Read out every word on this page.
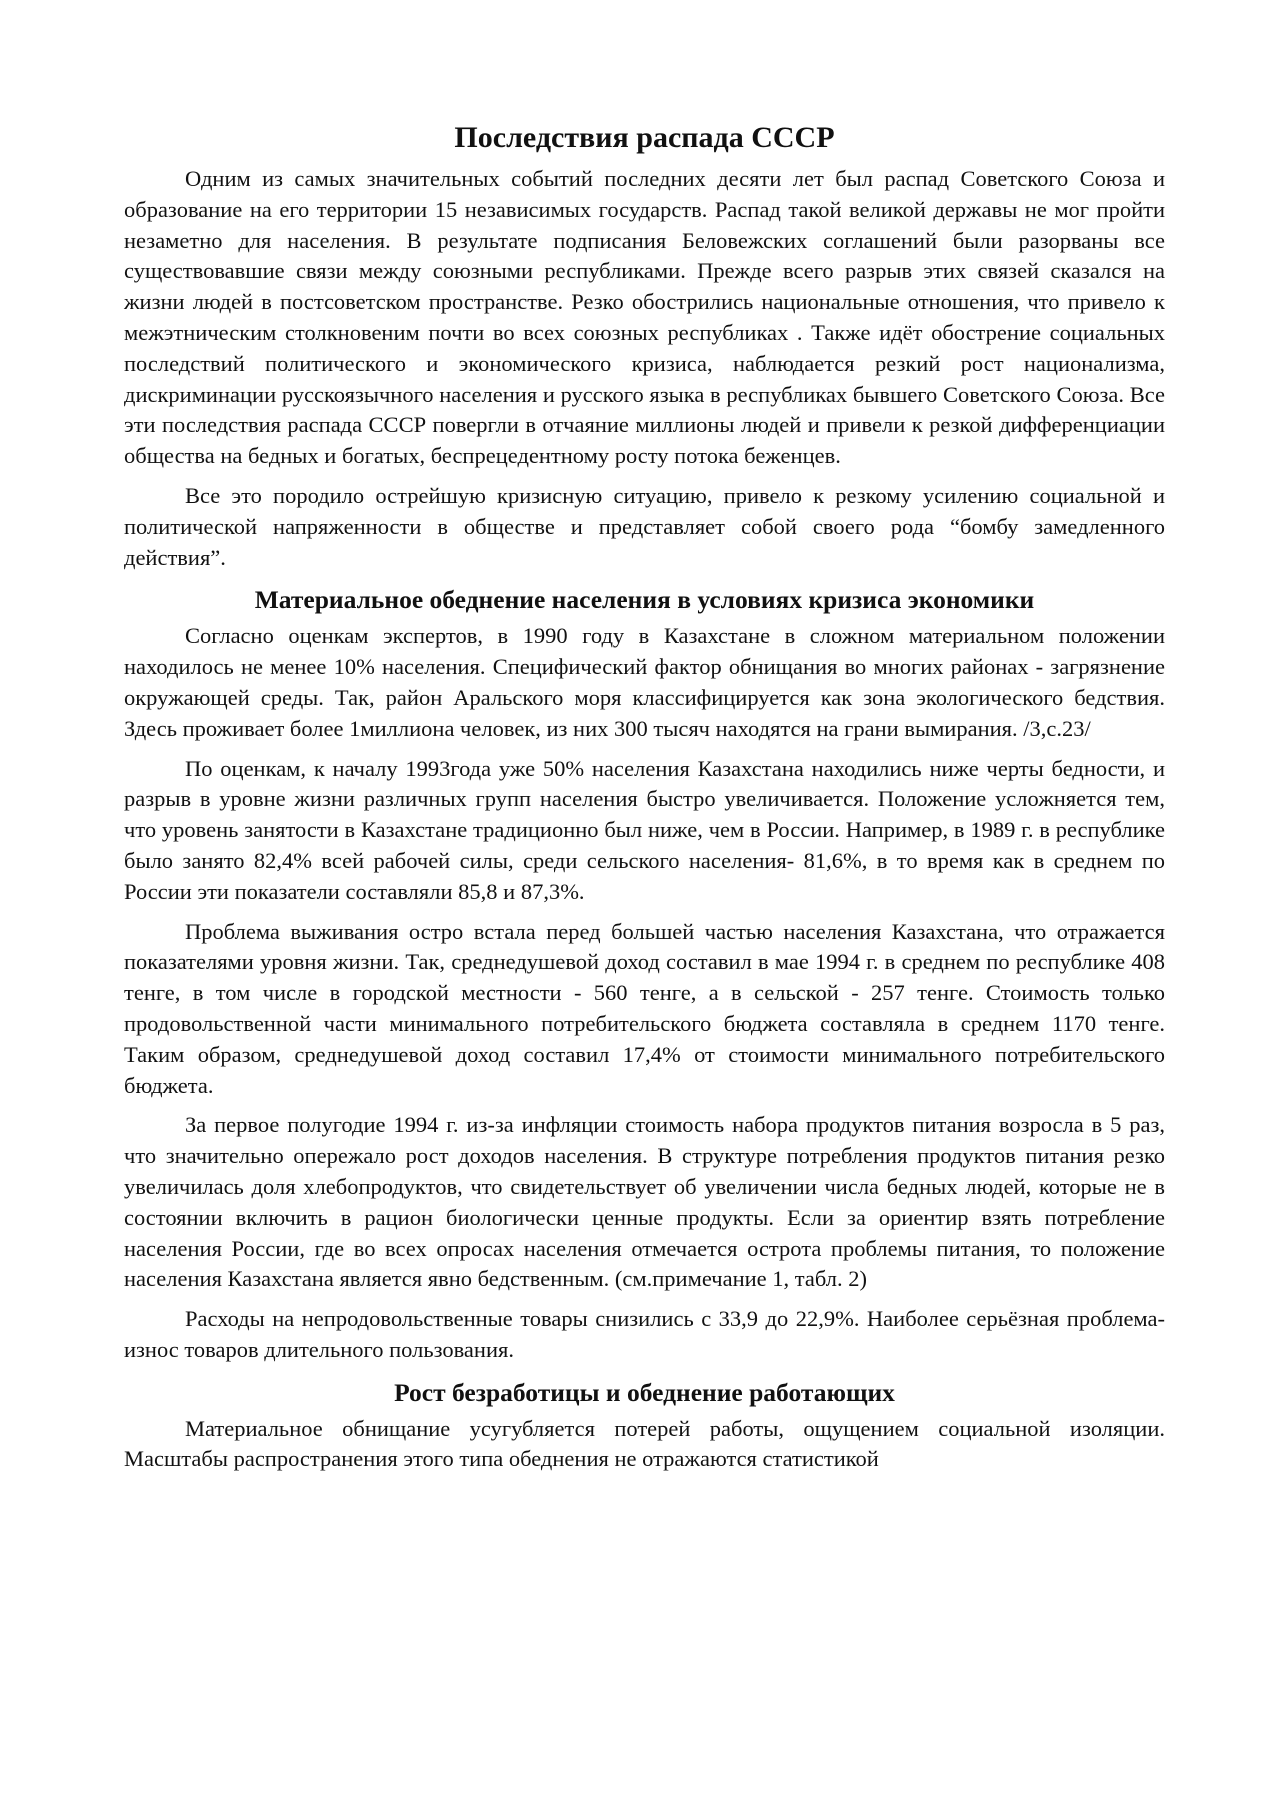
Последствия распада СССР

Одним из самых значительных событий последних десяти лет был распад Советского Союза и образование на его территории 15 независимых государств. Распад такой великой державы не мог пройти незаметно для населения. В результате подписания Беловежских соглашений были разорваны все существовавшие связи между союзными республиками. Прежде всего разрыв этих связей сказался на жизни людей в постсоветском пространстве. Резко обострились национальные отношения, что привело к межэтническим столкновеним почти во всех союзных республиках . Также идёт обострение социальных последствий политического и экономического кризиса, наблюдается резкий рост национализма, дискриминации русскоязычного населения и русского языка в республиках бывшего Советского Союза. Все эти последствия распада СССР повергли в отчаяние миллионы людей и привели к резкой дифференциации общества на бедных и богатых, беспрецедентному росту потока беженцев.

Все это породило острейшую кризисную ситуацию, привело к резкому усилению социальной и политической напряженности в обществе и представляет собой своего рода “бомбу замедленного действия”.

Материальное обеднение населения в условиях кризиса экономики

Согласно оценкам экспертов, в 1990 году в Казахстане в сложном материальном положении находилось не менее 10% населения. Специфический фактор обнищания во многих районах - загрязнение окружающей среды. Так, район Аральского моря классифицируется как зона экологического бедствия. Здесь проживает более 1миллиона человек, из них 300 тысяч находятся на грани вымирания. /3,с.23/

По оценкам, к началу 1993года уже 50% населения Казахстана находились ниже черты бедности, и разрыв в уровне жизни различных групп населения быстро увеличивается. Положение усложняется тем, что уровень занятости в Казахстане традиционно был ниже, чем в России. Например, в 1989 г. в республике было занято 82,4% всей рабочей силы, среди сельского населения- 81,6%, в то время как в среднем по России эти показатели составляли 85,8 и 87,3%.

Проблема выживания остро встала перед большей частью населения Казахстана, что отражается показателями уровня жизни. Так, среднедушевой доход составил в мае 1994 г. в среднем по республике 408 тенге, в том числе в городской местности - 560 тенге, а в сельской - 257 тенге. Стоимость только продовольственной части минимального потребительского бюджета составляла в среднем 1170 тенге. Таким образом, среднедушевой доход составил 17,4% от стоимости минимального потребительского бюджета.

За первое полугодие 1994 г. из-за инфляции стоимость набора продуктов питания возросла в 5 раз, что значительно опережало рост доходов населения. В структуре потребления продуктов питания резко увеличилась доля хлебопродуктов, что свидетельствует об увеличении числа бедных людей, которые не в состоянии включить в рацион биологически ценные продукты. Если за ориентир взять потребление населения России, где во всех опросах населения отмечается острота проблемы питания, то положение населения Казахстана является явно бедственным. (см.примечание 1, табл. 2)

Расходы на непродовольственные товары снизились с 33,9 до 22,9%. Наиболее серьёзная проблема- износ товаров длительного пользования.

Рост безработицы и обеднение работающих

Материальное обнищание усугубляется потерей работы, ощущением социальной изоляции. Масштабы распространения этого типа обеднения не отражаются статистикой
